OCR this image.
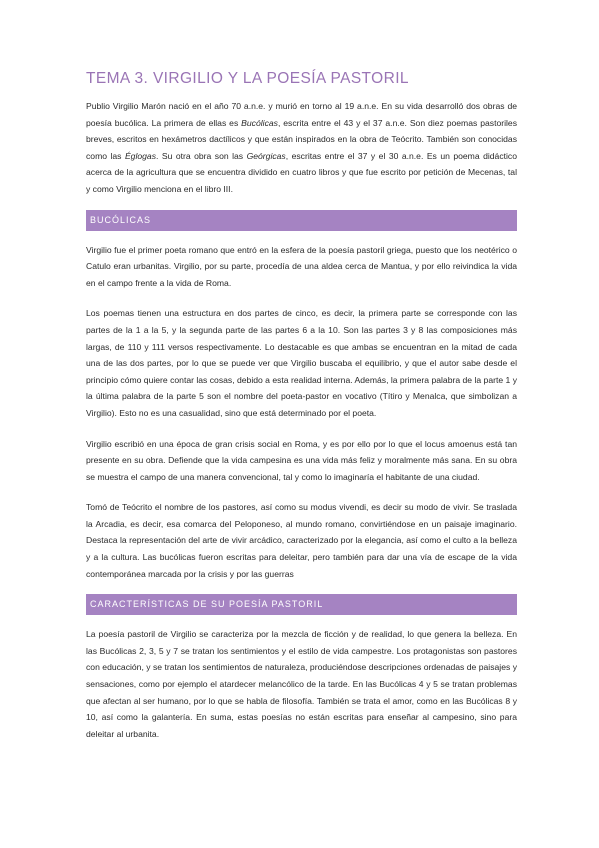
TEMA 3. VIRGILIO Y LA POESÍA PASTORIL

Publio Virgilio Marón nació en el año 70 a.n.e. y murió en torno al 19 a.n.e. En su vida desarrolló dos obras de poesía bucólica. La primera de ellas es Bucólicas, escrita entre el 43 y el 37 a.n.e. Son diez poemas pastoriles breves, escritos en hexámetros dactílicos y que están inspirados en la obra de Teócrito. También son conocidas como las Églogas. Su otra obra son las Geórgicas, escritas entre el 37 y el 30 a.n.e. Es un poema didáctico acerca de la agricultura que se encuentra dividido en cuatro libros y que fue escrito por petición de Mecenas, tal y como Virgilio menciona en el libro III.

BUCÓLICAS

Virgilio fue el primer poeta romano que entró en la esfera de la poesía pastoril griega, puesto que los neotérico o Catulo eran urbanitas. Virgilio, por su parte, procedía de una aldea cerca de Mantua, y por ello reivindica la vida en el campo frente a la vida de Roma.

Los poemas tienen una estructura en dos partes de cinco, es decir, la primera parte se corresponde con las partes de la 1 a la 5, y la segunda parte de las partes 6 a la 10. Son las partes 3 y 8 las composiciones más largas, de 110 y 111 versos respectivamente. Lo destacable es que ambas se encuentran en la mitad de cada una de las dos partes, por lo que se puede ver que Virgilio buscaba el equilibrio, y que el autor sabe desde el principio cómo quiere contar las cosas, debido a esta realidad interna. Además, la primera palabra de la parte 1 y la última palabra de la parte 5 son el nombre del poeta-pastor en vocativo (Títiro y Menalca, que simbolizan a Virgilio). Esto no es una casualidad, sino que está determinado por el poeta.

Virgilio escribió en una época de gran crisis social en Roma, y es por ello por lo que el locus amoenus está tan presente en su obra. Defiende que la vida campesina es una vida más feliz y moralmente más sana. En su obra se muestra el campo de una manera convencional, tal y como lo imaginaría el habitante de una ciudad.

Tomó de Teócrito el nombre de los pastores, así como su modus vivendi, es decir su modo de vivir. Se traslada la Arcadia, es decir, esa comarca del Peloponeso, al mundo romano, convirtiéndose en un paisaje imaginario. Destaca la representación del arte de vivir arcádico, caracterizado por la elegancia, así como el culto a la belleza y a la cultura. Las bucólicas fueron escritas para deleitar, pero también para dar una vía de escape de la vida contemporánea marcada por la crisis y por las guerras

CARACTERÍSTICAS DE SU POESÍA PASTORIL

La poesía pastoril de Virgilio se caracteriza por la mezcla de ficción y de realidad, lo que genera la belleza. En las Bucólicas 2, 3, 5 y 7 se tratan los sentimientos y el estilo de vida campestre. Los protagonistas son pastores con educación, y se tratan los sentimientos de naturaleza, produciéndose descripciones ordenadas de paisajes y sensaciones, como por ejemplo el atardecer melancólico de la tarde. En las Bucólicas 4 y 5 se tratan problemas que afectan al ser humano, por lo que se habla de filosofía. También se trata el amor, como en las Bucólicas 8 y 10, así como la galantería. En suma, estas poesías no están escritas para enseñar al campesino, sino para deleitar al urbanita.
